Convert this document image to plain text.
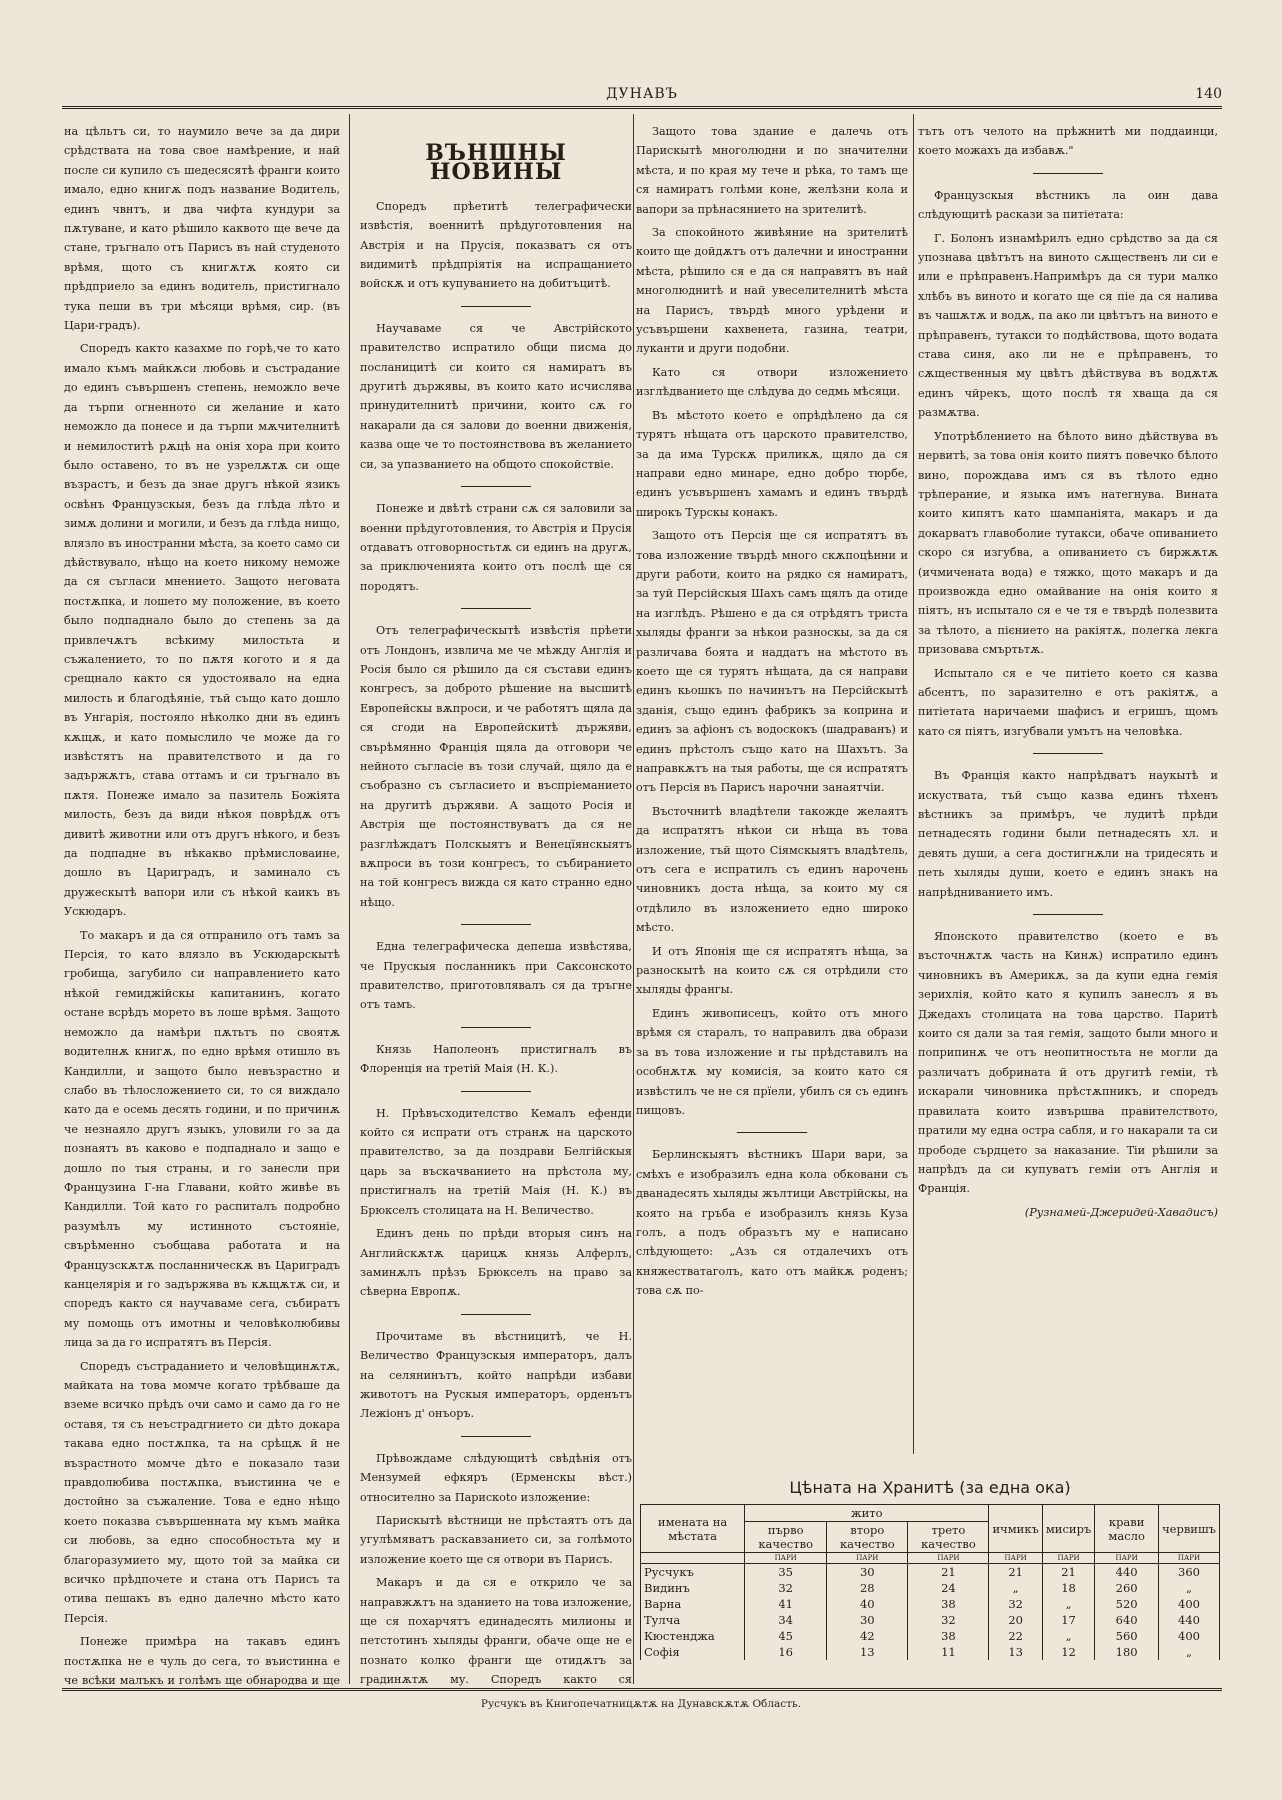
ДУНАВЪ	140

на цѣльтъ си, то наумило вече за да дири срѣдствата на това свое намѣрение, и най после си купило съ шедесясятѣ франги които имало, едно книгѫ подъ название Водитель, единъ чвнтъ, и два чифта кундури за пѫтуване, и като рѣшило каквото ще вече да стане, тръгнало отъ Парисъ въ най студеното врѣмя, щото съ книгѫтѫ която си прѣдприело за единъ водитель, пристигнало тука пеши въ три мѣсяци врѣмя, сир. (въ Цари-градъ).

Споредъ както казахме по горѣ,че то като имало къмъ майкѫси любовь и състрадание до единъ съвършенъ степень, неможло вече да търпи огненното си желание и като неможло да понесе и да търпи мѫчителнитѣ и немилоститѣ рѫцѣ на онія хора при които было оставено, то въ не узрелѫтѫ си още възрастъ, и безъ да знае другъ нѣкой язикъ освѣнъ Французскыя, безъ да глѣда лѣто и зимѫ долини и могили, и безъ да глѣда нищо, влязло въ иностранни мѣста, за което само си дѣйствувало, нѣщо на което никому неможе да ся съглаcи мнението. Защото неговата постѫпка, и лошето му положение, въ което было подпаднало было до степень за да привлечѫтъ всѣкиму милостьта и съжалението, то по пѫтя когото и я да срещнало както ся удостоявало на една милость и благодѣяніе, тъй също като дошло въ Унгарія, постояло нѣколко дни въ единъ кѫщѫ, и като помыслило че може да го извѣстятъ на правителството и да го задържѫтъ, става оттамъ и си тръгнало въ пѫтя. Понеже имало за пазитель Божіята милость, безъ да види нѣкоя поврѣдѫ отъ дивитѣ животни или отъ другъ нѣкого, и безъ да подпадне въ нѣкакво прѣмисловаине, дошло въ Цариградъ, и заминало съ дружескытѣ вапори или съ нѣкой каикъ въ Ускюдаръ.

То макаръ и да ся отпранило отъ тамъ за Персія, то като влязло въ Ускюдарскытѣ гробища, загубило си направлението като нѣкой гемиджійскы капитанинъ, когато остане всрѣдъ морето въ лоше врѣмя. Защото неможло да намѣри пѫтьтъ по своятѫ водителнѫ книгѫ, по едно врѣмя отишло въ Кандилли, и защото было невъзрастно и слабо въ тѣлосложението си, то ся виждало като да е осемь десять години, и по причинѫ че незнаяло другъ языкъ, уловили го за да познаятъ въ каково е подпаднало и защо е дошло по тыя страны, и го занесли при Французина Г-на Главани, който живѣе въ Кандилли. Той като го распиталъ подробно разумѣлъ му истинното състояніе, свърѣменно съобщава работата и на Французскѫтѫ посланническѫ въ Цариградъ канцелярія и го задържява въ кѫщѫтѫ си, и споредъ както ся научаваме сега, събиратъ му помощь отъ имотны и человѣколюбивы лица за да го испратятъ въ Персія.

Споредъ състраданието и человѣщинѫтѫ, майката на това момче когато трѣбваше да вземе всичко прѣдъ очи само и само да го не оставя, тя съ неъстрадгнието си дѣто докара такава едно постѫпка, та на срѣщѫ й не възрастното момче дѣто е показало тази правдолюбива постѫпка, въистинна че е достойно за съжаление. Това е едно нѣщо което показва съвършенната му къмъ майка си любовь, за едно способностьта му и благоразумието му, щото той за майка си всичко прѣдпочете и стана отъ Парисъ та отива пешакъ въ едно далечно мѣсто като Персія.

Понеже примѣра на такавъ единъ постѫпка не е чуль до сега, то въистинна е че всѣки малъкъ и голѣмъ ще обнародва и ще

ВЪНШНЫ НОВИНЫ

Споредъ прѣетитѣ телеграфически извѣстія, военнитѣ прѣдуготовления на Австрія и на Прусія, показватъ ся отъ видимитѣ прѣдпріятія на испращанието войскѫ и отъ купуванието на добитъцитѣ.

Научаваме ся че Австрійското правителство испратило общи писма до посланицитѣ си които ся намиратъ въ другитѣ държявы, въ които като исчислява принудителнитѣ причини, които сѫ го накарали да ся залови до военни движенія, казва още че то постоянствова въ желанието си, за упазванието на общото спокойствіе.

Понеже и двѣтѣ страни сѫ ся заловили за военни прѣдуготовления, то Австрія и Прусія отдаватъ отговорностьтѫ си единъ на другѫ, за приключенията които отъ послѣ ще ся породятъ.

Отъ телеграфическытѣ извѣстія прѣети отъ Лондонъ, извлича ме че мѣжду Англія и Росія было ся рѣшило да ся състави единъ конгресъ, за доброто рѣшение на высшитѣ Европейскы вѫпроси, и че работятъ щяла да ся сгоди на Европейскитѣ държяви, свърѣмянно Франція щяла да отговори че нейното съглaсіе въ този случай, щяло да е съобразно съ съгласието и въспріеманието на другитѣ държяви. А защото Росія и Австрія ще постоянствуватъ да ся не разглѣждатъ Полскыятъ и Венецїянскыятъ вѫпроси въ този конгресъ, то събиранието на той конгресъ вижда ся като странно едно нѣщо.

Една телеграфическа депеша извѣстява, че Прускыя посланникъ при Саксонското правителство, приготовлявалъ ся да тръгне отъ тамъ.

Князь Наполеонъ пристигналъ въ Флоренція на третій Маія (Н. К.).

Н. Прѣвъсходителство Кемалъ ефенди който ся испрати отъ странѫ на царското правителство, за да поздрави Белгійскыя царь за въскачванието на прѣстола му, пристигналъ на третій Маія (Н. К.) въ Брюкселъ столицата на Н. Величество.

Единъ день по прѣди вторыя синъ на Английскѫтѫ царицѫ князь Алферлъ, заминѫлъ прѣзъ Брюкселъ на право за сѣверна Европѫ.

Прочитаме въ вѣстницитѣ, че Н. Величество Французскыя императоръ, далъ на селянинътъ, който напрѣди избави живототъ на Рускыя императоръ, орденътъ Лежіонъ д' онъоръ.

Прѣвождаме слѣдующитѣ свѣдѣнія отъ Мензумей ефкяръ (Ерменскы вѣст.) относително за Парискоtо изложение:

Парискытѣ вѣстници не прѣстаятъ отъ да угулѣмяватъ раскавзанието си, за голѣмото изложение което ще ся отвори въ Парисъ.

Макаръ и да ся е открило че за направжѫтъ на зданието на това изложение, ще ся похарчятъ единадесять милионы и петстотинъ хыляды франги, обаче още не е познато колко франги ще отидѫтъ за градинѫтѫ му. Споредъ както ся

Защото това здание е далечь отъ Парискытѣ многолюдни и по значителни мѣста, и по края му тече и рѣка, то тамъ ще ся намиратъ голѣми коне, желѣзни кола и вапори за прѣнасянието на зрителитѣ.

За спокойното живѣяние на зрителитѣ които ще дойдѫтъ отъ далечни и иностранни мѣста, рѣшило ся е да ся направятъ въ най многолюднитѣ и най увеселителнитѣ мѣста на Парисъ, твърдѣ много урѣдени и усъвършени кахвенета, газина, театри, луканти и други подобни.

Като ся отвори изложението изглѣдванието ще слѣдува до седмь мѣсяци.

Въ мѣстото което е опрѣдѣлено да ся турятъ нѣщата отъ царското правителство, за да има Турскѫ приликѫ, щяло да ся направи едно минаре, едно добро тюрбе, единъ усъвършенъ хамамъ и единъ твърдѣ широкъ Турскы конакъ.

Защото отъ Персія ще ся испратятъ въ това изложение твърдѣ много скѫпоцѣнни и други работи, които на рядко ся намиратъ, за туй Персійскыя Шахъ самъ щялъ да отиде на изглѣдъ. Рѣшено е да ся отрѣдятъ триста хыляды франги за нѣкои разноскы, за да ся различава боята и наддатъ на мѣстото въ което ще ся турятъ нѣщата, да ся направи единъ кьошкъ по начинътъ на Персійскытѣ зданія, също единъ фабрикъ за коприна и единъ за афіонъ съ водоскокъ (шадраванъ) и единъ прѣстолъ също като на Шахътъ. За направкѫтъ на тыя работы, ще ся испратятъ отъ Персія въ Парисъ нарочни занаятчіи.

Въсточнитѣ владѣтели такожде желаятъ да испратятъ нѣкои си нѣща въ това изложение, тъй щото Сіямскыятъ владѣтель, отъ сега е испратилъ съ единъ нарочень чиновникъ доста нѣща, за които му ся отдѣлило въ изложението едно широко мѣсто.

И отъ Японія ще ся испратятъ нѣща, за разноскытѣ на които сѫ ся отрѣдили сто хыляды франгы.

Единъ живописецъ, който отъ много врѣмя ся старалъ, то направилъ два образи за въ това изложение и гы прѣдставилъ на особнѫтѫ му комисія, за които като ся извѣстилъ че не ся прїели, убилъ ся съ единъ пищовъ.

Берлинскыятъ вѣстникъ Шари вари, за смѣхъ е изобразилъ една кола обковани съ дванадесять хыляды жълтици Австрійскы, на която на гръба е изобразилъ князь Куза голъ, а подъ образътъ му е написано слѣдующето: „Азъ ся отдалечихъ отъ княжестватаголъ, като отъ майкѫ роденъ; това сѫ по-

тътъ отъ челото на прѣжнитѣ ми поддаинци, което можахъ да избавѫ."

Французскыя вѣстникъ ла оин дава слѣдующитѣ раскази за питіетата:

Г. Болонъ изнамѣрилъ едно срѣдство за да ся упознава цвѣтътъ на виното сѫщественъ ли си е или е прѣправенъ.Напримѣръ да ся тури малко хлѣбъ въ виното и когато ще ся піе да ся налива въ чашѫтѫ и водѫ, па ако ли цвѣтътъ на виното е прѣправенъ, тутакси то подѣйствова, щото водата става синя, ако ли не е прѣправенъ, то сѫщественныя му цвѣтъ дѣйствува въ водѫтѫ единъ чйрекъ, щото послѣ тя хваща да ся размѫтва.

Употрѣблението на бѣлото вино дѣйствува въ нервитѣ, за това онія които пиятъ повечко бѣлото вино, порождава имъ ся въ тѣлото едно трѣперание, и языка имъ натегнува. Вината които кипятъ като шампаніята, макаръ и да докарватъ главоболие тутакси, обаче опиванието скоро ся изгубва, а опиванието съ биржѫтѫ (ичмичената вода) е тяжко, щото макаръ и да произвожда едно омайвание на онія които я піятъ, нъ испытало ся е че тя е твърдѣ полезвита за тѣлото, а пієнието на ракіятѫ, полегка лекга призовава смъртьтѫ.

Испытало ся е че питіето което ся казва абсентъ, по заразително е отъ ракіятѫ, а питіетата наричаеми шафисъ и егришъ, щомъ като ся піятъ, изгубвали умътъ на человѣка.

Въ Франція както напрѣдватъ наукытѣ и искуствата, тъй също казва единъ тѣхенъ вѣстникъ за примѣръ, че лудитѣ прѣди петнадесять години были петнадесять хл. и девять души, а сега достигнѫли на тридесять и петь хыляды души, което е единъ знакъ на напрѣдниванието имъ.

Японското правителство (което е въ въсточнѫтѫ часть на Кинѫ) испратило единъ чиновникъ въ Америкѫ, за да купи една гемія зерихлія, който като я купилъ занеслъ я въ Джедахъ столицата на това царство. Паритѣ които ся дали за тая гемія, защото были много и поприпинѫ че отъ неопитностьта не могли да различатъ добринатa й отъ другитѣ геміи, тѣ искарали чиновника прѣстѫпникъ, и споредъ правилата които извършва правителството, пратили му една остра сабля, и го накарали та си прободе сърдцето за наказание. Тіи рѣшили за напрѣдъ да си купуватъ геміи отъ Англія и Франція.

(Рузнамей-Джеридей-Хавадисъ)
Цѣната на Хранитѣ (за една ока)
имената на мѣстата	жито			ичмикъ	мисиръ	крави масло	червишъ
	първо качество	второ качество	трето качество				
	ПАРИ	ПАРИ	ПАРИ	ПАРИ	ПАРИ	ПАРИ	ПАРИ
Русчукъ	35	30	21	21	21	440	360
Видинъ	32	28	24	„	18	260	„
Варна	41	40	38	32	„	520	400
Тулча	34	30	32	20	17	640	440
Кюстенджа	45	42	38	22	„	560	400
Софія	16	13	11	13	12	180	„
Русчукъ въ Книгопечатницѫтѫ на Дунавскѫтѫ Область.
